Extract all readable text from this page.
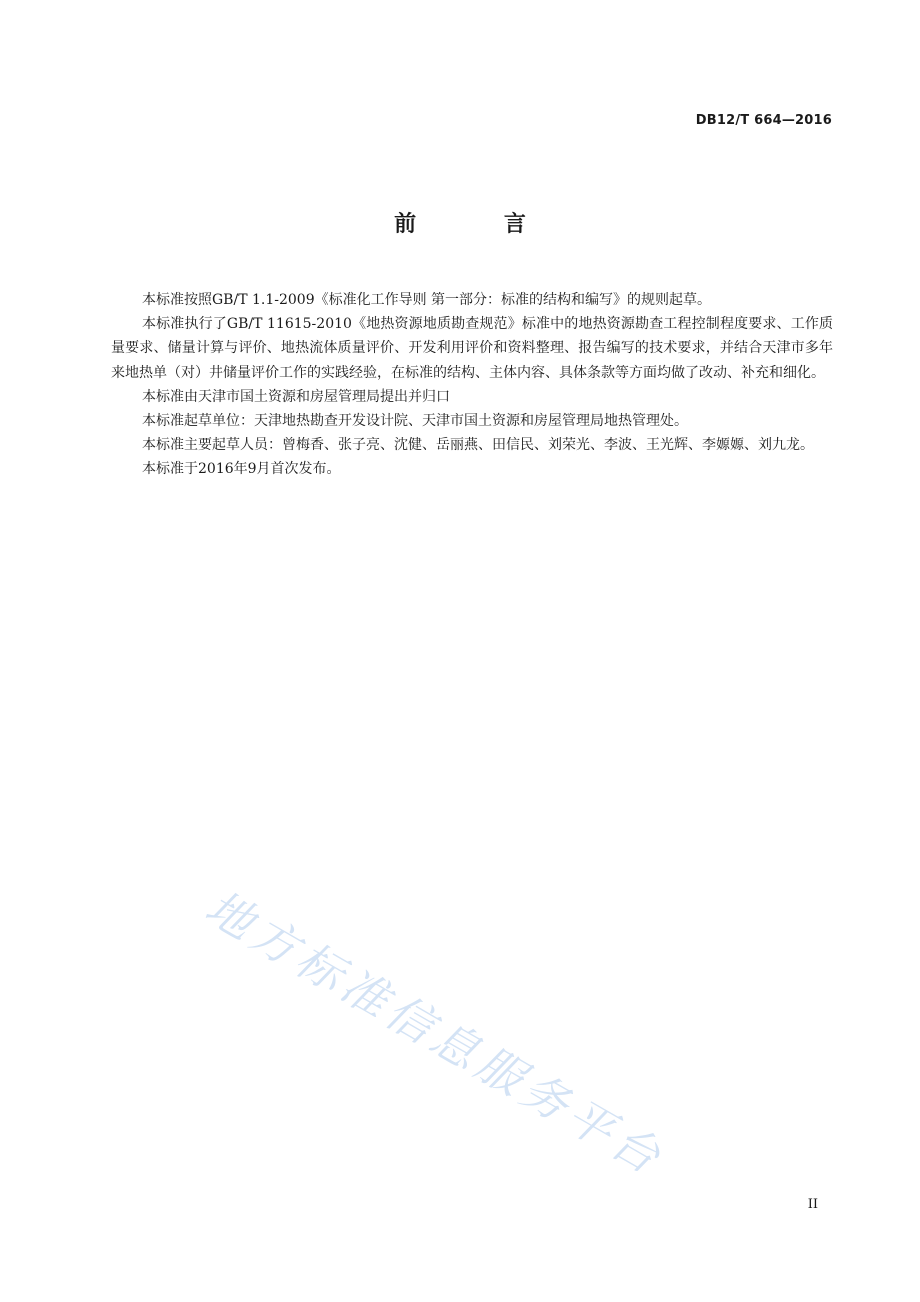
DB12/T 664—2016
前 言

本标准按照GB/T 1.1-2009《标准化工作导则 第一部分：标准的结构和编写》的规则起草。

本标准执行了GB/T 11615-2010《地热资源地质勘查规范》标准中的地热资源勘查工程控制程度要求、工作质量要求、储量计算与评价、地热流体质量评价、开发利用评价和资料整理、报告编写的技术要求，并结合天津市多年来地热单（对）井储量评价工作的实践经验，在标准的结构、主体内容、具体条款等方面均做了改动、补充和细化。

本标准由天津市国土资源和房屋管理局提出并归口

本标准起草单位：天津地热勘查开发设计院、天津市国土资源和房屋管理局地热管理处。

本标准主要起草人员：曾梅香、张子亮、沈健、岳丽燕、田信民、刘荣光、李波、王光辉、李嫄嫄、刘九龙。

本标准于2016年9月首次发布。

地方标准信息服务平台
II
